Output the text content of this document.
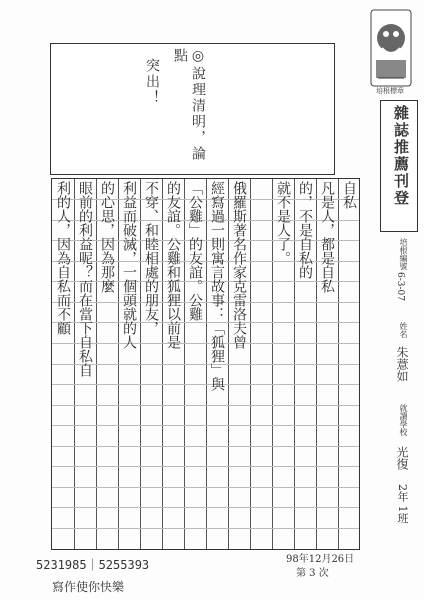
◎說理清明，論點
突出！	培根標章
雜誌推薦刊登
培根編號
6-3-07
姓名
朱薏如
就讀學校
光復
2年 1班
自私
凡是人，都是自私
的，不是自私的
就不是人了。
俄羅斯著名作家克雷洛夫曾
經寫過一則寓言故事：「狐狸」與
「公雞」的友誼。公雞
的友誼。公雞和狐狸以前是
不穿、和睦相處的朋友，
利益而破滅，一個頭就的人
的心思，因為那麼
眼前的利益呢？而在當下自私自
利的人，因為自私而不顧
5231985｜5255393
寫作使你快樂
98年12月26日
第 3 次
